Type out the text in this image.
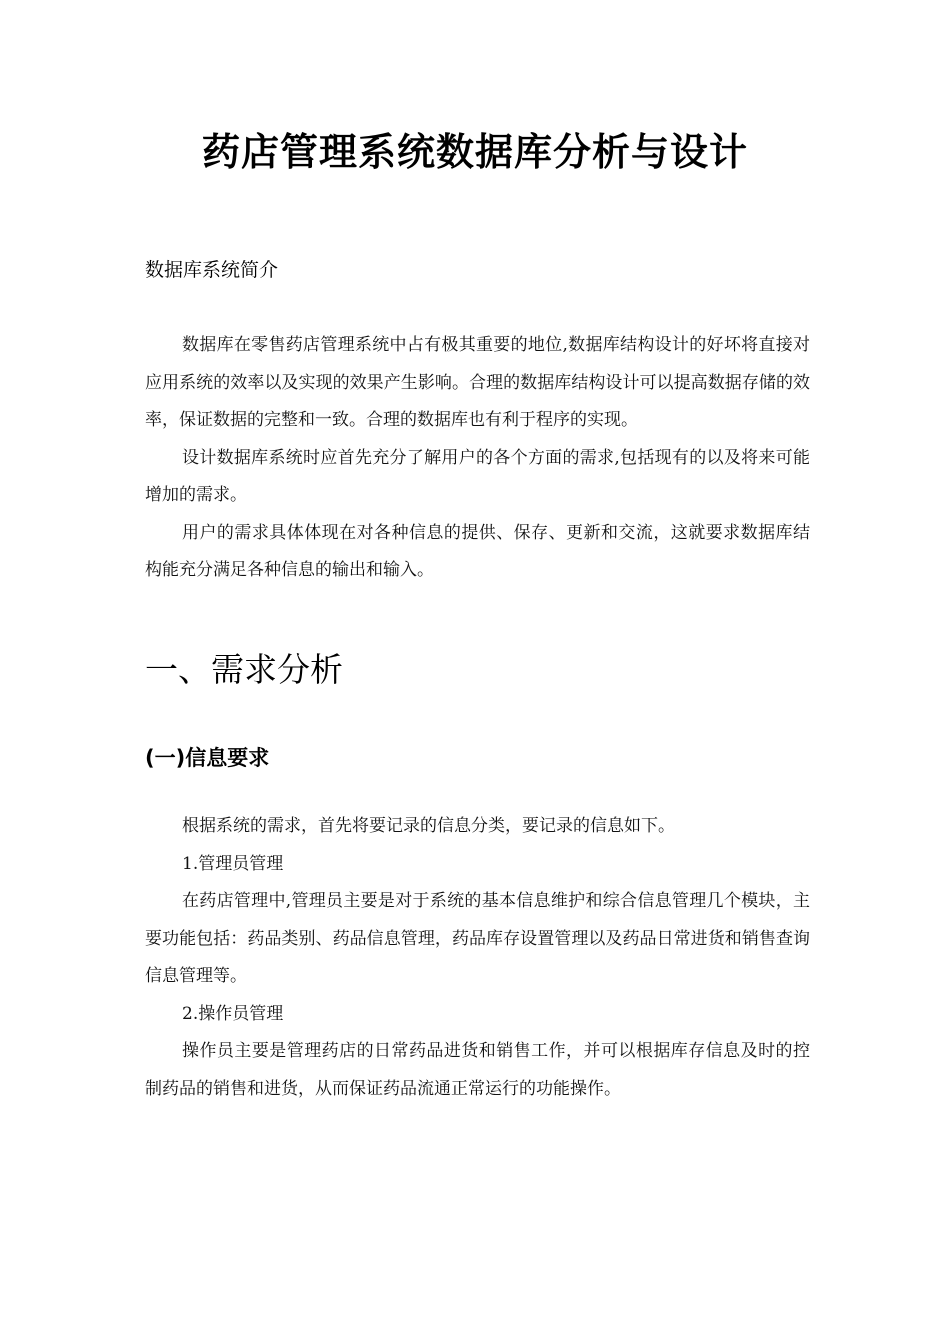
药店管理系统数据库分析与设计
数据库系统简介

数据库在零售药店管理系统中占有极其重要的地位,数据库结构设计的好坏将直接对应用系统的效率以及实现的效果产生影响。合理的数据库结构设计可以提高数据存储的效率，保证数据的完整和一致。合理的数据库也有利于程序的实现。

设计数据库系统时应首先充分了解用户的各个方面的需求,包括现有的以及将来可能增加的需求。

用户的需求具体体现在对各种信息的提供、保存、更新和交流，这就要求数据库结构能充分满足各种信息的输出和输入。

一、需求分析
(一)信息要求

根据系统的需求，首先将要记录的信息分类，要记录的信息如下。

1.管理员管理

在药店管理中,管理员主要是对于系统的基本信息维护和综合信息管理几个模块，主要功能包括：药品类别、药品信息管理，药品库存设置管理以及药品日常进货和销售查询信息管理等。

2.操作员管理

操作员主要是管理药店的日常药品进货和销售工作，并可以根据库存信息及时的控制药品的销售和进货，从而保证药品流通正常运行的功能操作。
